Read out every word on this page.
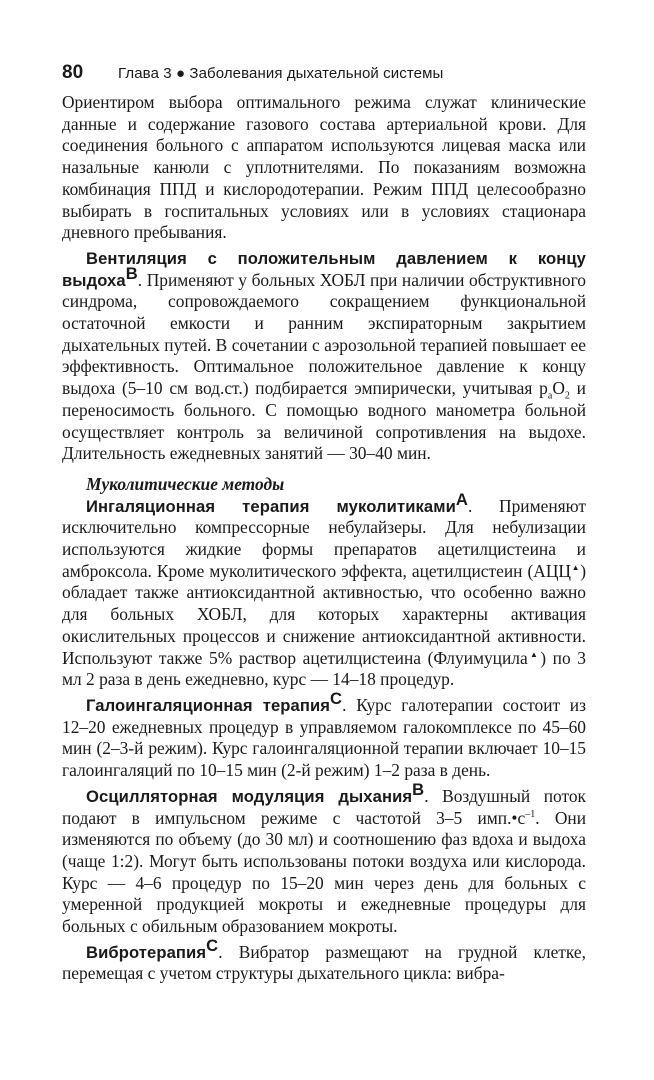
80	Глава 3 ● Заболевания дыхательной системы

Ориентиром выбора оптимального режима служат клинические данные и содержание газового состава артериальной крови. Для соединения больного с аппаратом используются лицевая маска или назальные канюли с уплотнителями. По показаниям возможна комбинация ППД и кислородотерапии. Режим ППД целесообразно выбирать в госпитальных условиях или в условиях стационара дневного пребывания.

Вентиляция с положительным давлением к концу выдоха$^В$. Применяют у больных ХОБЛ при наличии обструктивного синдрома, сопровождаемого сокращением функциональной остаточной емкости и ранним экспираторным закрытием дыхательных путей. В сочетании с аэрозольной терапией повышает ее эффективность. Оптимальное положительное давление к концу выдоха (5–10 см вод.ст.) подбирается эмпирически, учитывая $p_aO_2$ и переносимость больного. С помощью водного манометра больной осуществляет контроль за величиной сопротивления на выдохе. Длительность ежедневных занятий — 30–40 мин.

Муколитические методы

Ингаляционная терапия муколитиками$^А$. Применяют исключительно компрессорные небулайзеры. Для небулизации используются жидкие формы препаратов ацетилцистеина и амброксола. Кроме муколитического эффекта, ацетилцистеин (АЦЦ▲) обладает также антиоксидантной активностью, что особенно важно для больных ХОБЛ, для которых характерны активация окислительных процессов и снижение антиоксидантной активности. Используют также 5% раствор ацетилцистеина (Флуимуцила▲) по 3 мл 2 раза в день ежедневно, курс — 14–18 процедур.

Галоингаляционная терапия$^С$. Курс галотерапии состоит из 12–20 ежедневных процедур в управляемом галокомплексе по 45–60 мин (2–3-й режим). Курс галоингаляционной терапии включает 10–15 галоингаляций по 10–15 мин (2-й режим) 1–2 раза в день.

Осцилляторная модуляция дыхания$^В$. Воздушный поток подают в импульсном режиме с частотой 3–5 $имп.•с^{-1}$. Они изменяются по объему (до 30 мл) и соотношению фаз вдоха и выдоха (чаще 1:2). Могут быть использованы потоки воздуха или кислорода. Курс — 4–6 процедур по 15–20 мин через день для больных с умеренной продукцией мокроты и ежедневные процедуры для больных с обильным образованием мокроты.

Вибротерапия$^С$. Вибратор размещают на грудной клетке, перемещая с учетом структуры дыхательного цикла: вибра-
